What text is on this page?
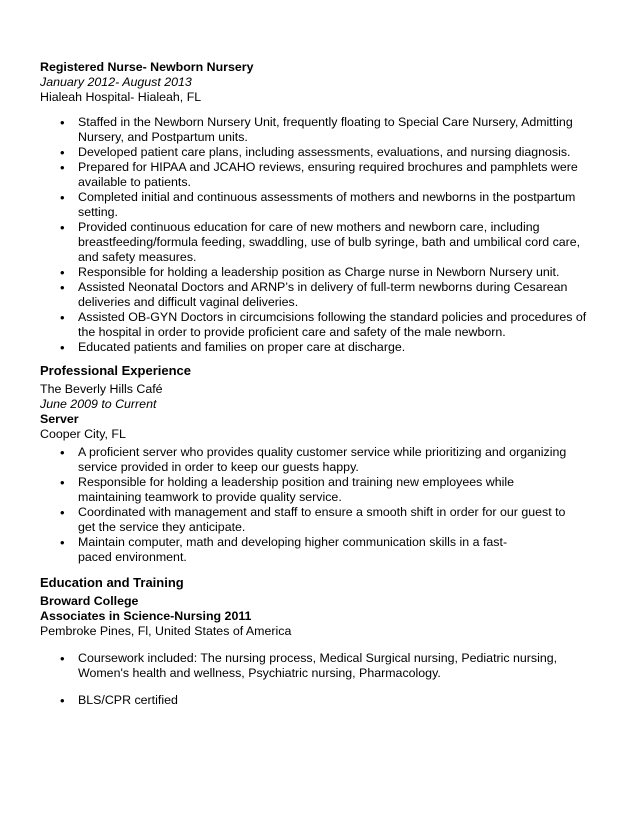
Registered Nurse- Newborn Nursery
January 2012- August 2013
Hialeah Hospital- Hialeah, FL
• Staffed in the Newborn Nursery Unit, frequently floating to Special Care Nursery, Admitting
Nursery, and Postpartum units.
• Developed patient care plans, including assessments, evaluations, and nursing diagnosis.
• Prepared for HIPAA and JCAHO reviews, ensuring required brochures and pamphlets were
available to patients.
• Completed initial and continuous assessments of mothers and newborns in the postpartum
setting.
• Provided continuous education for care of new mothers and newborn care, including
breastfeeding/formula feeding, swaddling, use of bulb syringe, bath and umbilical cord care,
and safety measures.
• Responsible for holding a leadership position as Charge nurse in Newborn Nursery unit.
• Assisted Neonatal Doctors and ARNP’s in delivery of full-term newborns during Cesarean
deliveries and difficult vaginal deliveries.
• Assisted OB-GYN Doctors in circumcisions following the standard policies and procedures of
the hospital in order to provide proficient care and safety of the male newborn.
• Educated patients and families on proper care at discharge.
Professional Experience
The Beverly Hills Café
June 2009 to Current
Server
Cooper City, FL
• A proficient server who provides quality customer service while prioritizing and organizing
service provided in order to keep our guests happy.
• Responsible for holding a leadership position and training new employees while
maintaining teamwork to provide quality service.
• Coordinated with management and staff to ensure a smooth shift in order for our guest to
get the service they anticipate.
• Maintain computer, math and developing higher communication skills in a fast-
paced environment.
Education and Training
Broward College
Associates in Science-Nursing 2011
Pembroke Pines, Fl, United States of America
• Coursework included: The nursing process, Medical Surgical nursing, Pediatric nursing,
Women's health and wellness, Psychiatric nursing, Pharmacology.
• BLS/CPR certified
